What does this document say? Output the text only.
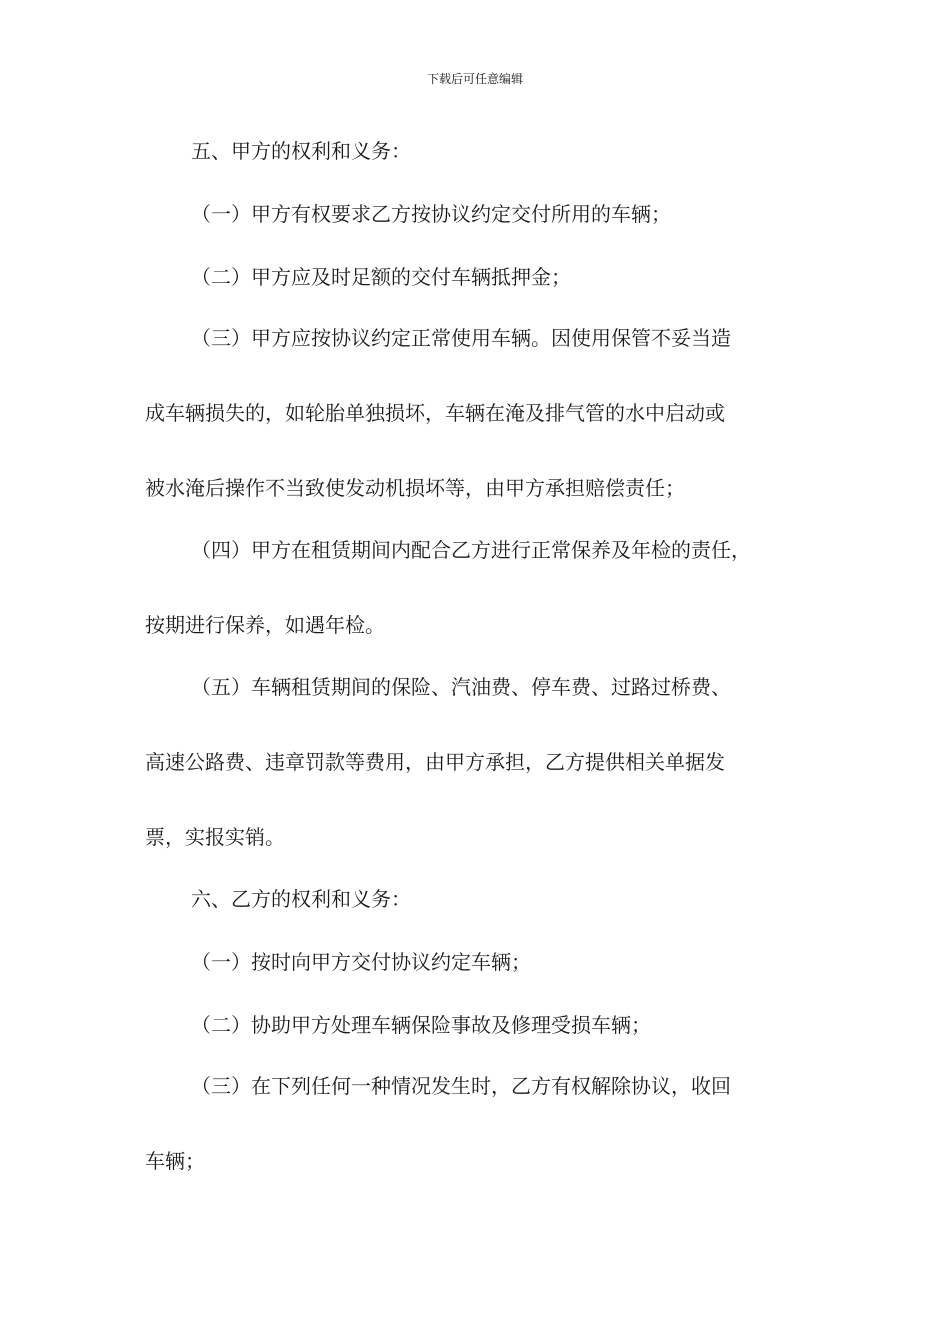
下载后可任意编辑
五、甲方的权利和义务：
（一）甲方有权要求乙方按协议约定交付所用的车辆；
（二）甲方应及时足额的交付车辆抵押金；
（三）甲方应按协议约定正常使用车辆。因使用保管不妥当造
成车辆损失的，如轮胎单独损坏，车辆在淹及排气管的水中启动或
被水淹后操作不当致使发动机损坏等，由甲方承担赔偿责任；
（四）甲方在租赁期间内配合乙方进行正常保养及年检的责任，
按期进行保养，如遇年检。
（五）车辆租赁期间的保险、汽油费、停车费、过路过桥费、
高速公路费、违章罚款等费用，由甲方承担，乙方提供相关单据发
票，实报实销。
六、乙方的权利和义务：
（一）按时向甲方交付协议约定车辆；
（二）协助甲方处理车辆保险事故及修理受损车辆；
（三）在下列任何一种情况发生时，乙方有权解除协议，收回
车辆；
